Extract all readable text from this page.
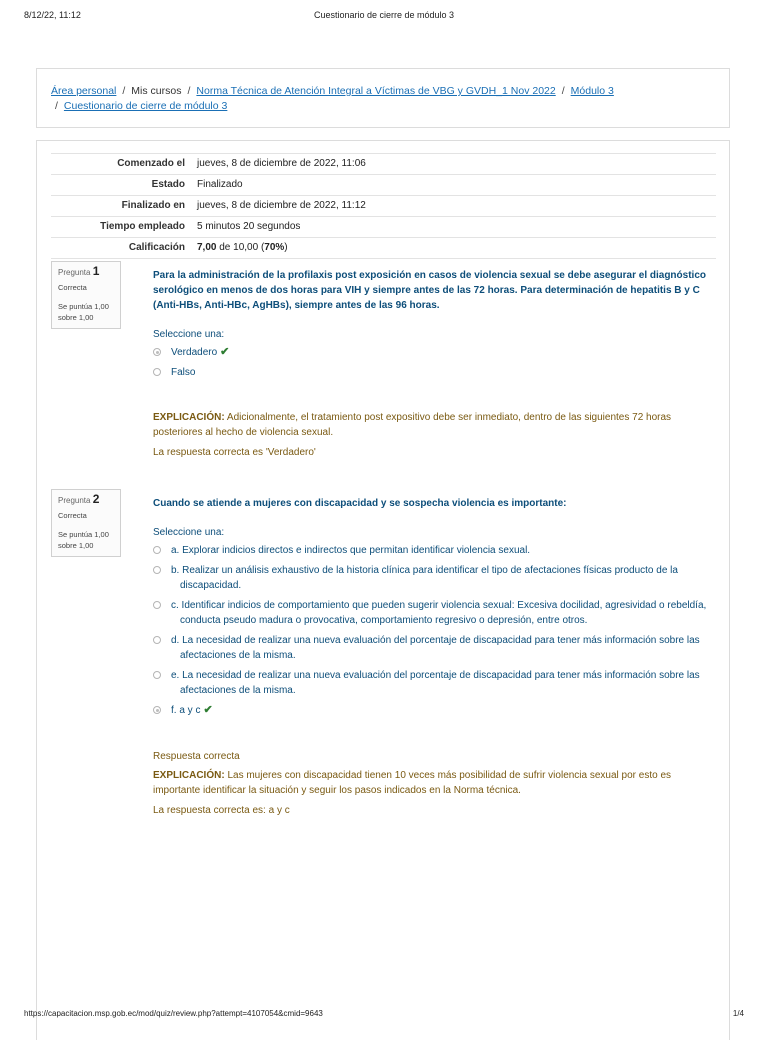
8/12/22, 11:12	Cuestionario de cierre de módulo 3
Área personal / Mis cursos / Norma Técnica de Atención Integral a Víctimas de VBG y GVDH_1 Nov 2022 / Módulo 3
/ Cuestionario de cierre de módulo 3
Comenzado el	jueves, 8 de diciembre de 2022, 11:06
Estado	Finalizado
Finalizado en	jueves, 8 de diciembre de 2022, 11:12
Tiempo empleado	5 minutos 20 segundos
Calificación	7,00 de 10,00 (70%)
Pregunta 1
Correcta
Se puntúa 1,00 sobre 1,00
Para la administración de la profilaxis post exposición en casos de violencia sexual se debe asegurar el diagnóstico serológico en menos de dos horas para VIH y siempre antes de las 72 horas. Para determinación de hepatitis B y C (Anti-HBs, Anti-HBc, AgHBs), siempre antes de las 96 horas.
Seleccione una:
Verdadero ✔
Falso
EXPLICACIÓN: Adicionalmente, el tratamiento post expositivo debe ser inmediato, dentro de las siguientes 72 horas posteriores al hecho de violencia sexual.
La respuesta correcta es 'Verdadero'
Pregunta 2
Correcta
Se puntúa 1,00 sobre 1,00
Cuando se atiende a mujeres con discapacidad y se sospecha violencia es importante:
Seleccione una:
a. Explorar indicios directos e indirectos que permitan identificar violencia sexual.
b. Realizar un análisis exhaustivo de la historia clínica para identificar el tipo de afectaciones físicas producto de la discapacidad.
c. Identificar indicios de comportamiento que pueden sugerir violencia sexual: Excesiva docilidad, agresividad o rebeldía, conducta pseudo madura o provocativa, comportamiento regresivo o depresión, entre otros.
d. La necesidad de realizar una nueva evaluación del porcentaje de discapacidad para tener más información sobre las afectaciones de la misma.
e. La necesidad de realizar una nueva evaluación del porcentaje de discapacidad para tener más información sobre las afectaciones de la misma.
f. a y c ✔
Respuesta correcta
EXPLICACIÓN: Las mujeres con discapacidad tienen 10 veces más posibilidad de sufrir violencia sexual por esto es importante identificar la situación y seguir los pasos indicados en la Norma técnica.
La respuesta correcta es: a y c
https://capacitacion.msp.gob.ec/mod/quiz/review.php?attempt=4107054&cmid=9643	1/4
